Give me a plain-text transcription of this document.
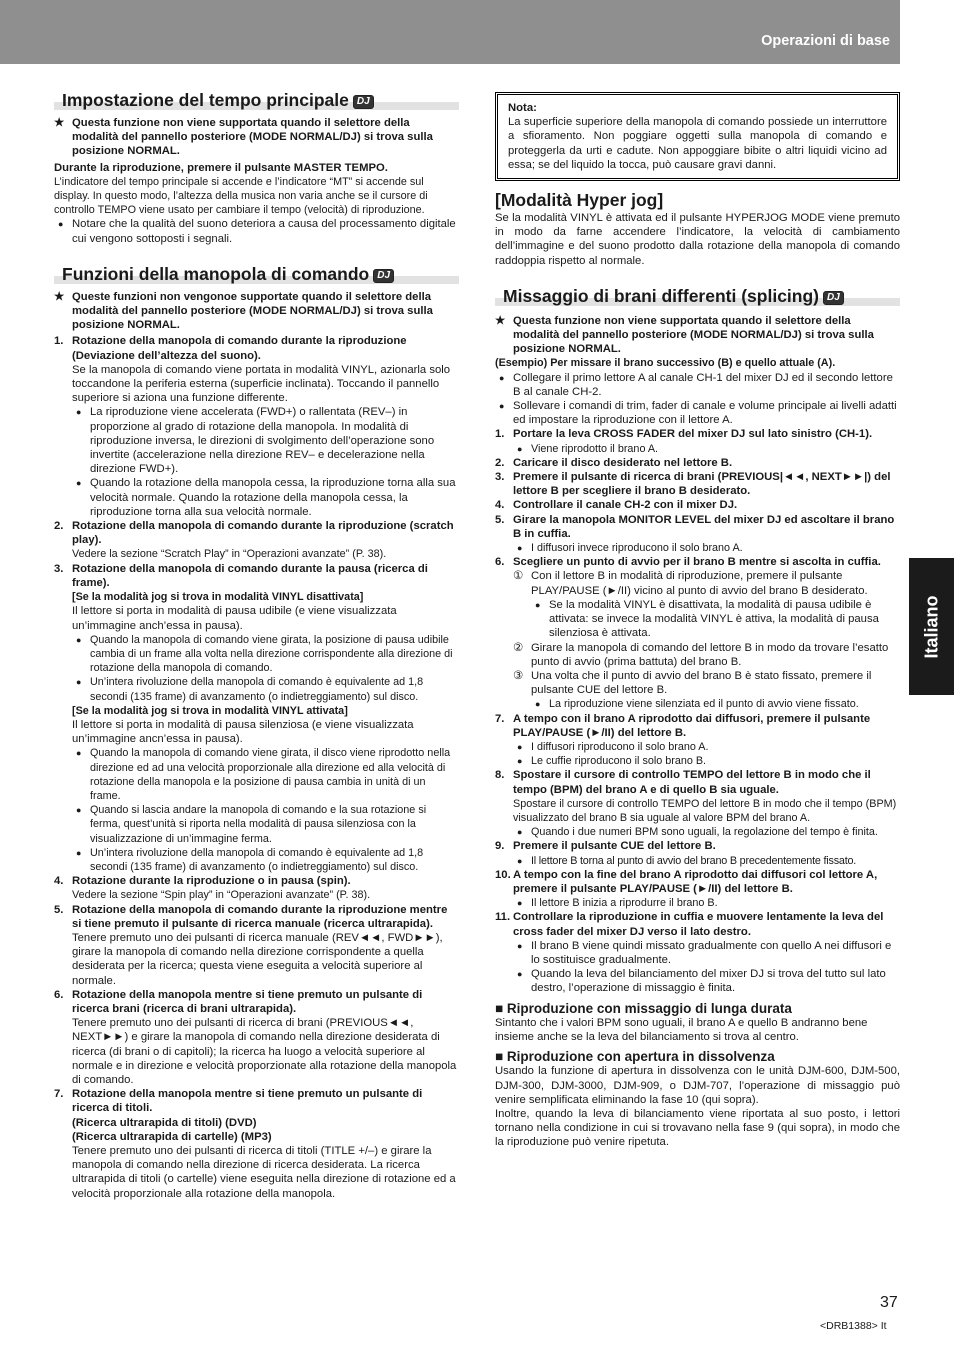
Operazioni di base
Italiano
Impostazione del tempo principale DJ

★ Questa funzione non viene supportata quando il selettore della modalità del pannello posteriore (MODE NORMAL/DJ) si trova sulla posizione NORMAL.

Durante la riproduzione, premere il pulsante MASTER TEMPO.

L’indicatore del tempo principale si accende e l’indicatore “MT” si accende sul display. In questo modo, l’altezza della musica non varia anche se il cursore di controllo TEMPO viene usato per cambiare il tempo (velocità) di riproduzione.

● Notare che la qualità del suono deteriora a causa del processamento digitale cui vengono sottoposti i segnali.

Funzioni della manopola di comando DJ

★ Queste funzioni non vengonoe supportate quando il selettore della modalità del pannello posteriore (MODE NORMAL/DJ) si trova sulla posizione NORMAL.

1. Rotazione della manopola di comando durante la riproduzione (Deviazione dell’altezza del suono).

Se la manopola di comando viene portata in modalità VINYL, azionarla solo toccandone la periferia esterna (superficie inclinata). Toccando il pannello superiore si aziona una funzione differente.

● La riproduzione viene accelerata (FWD+) o rallentata (REV–) in proporzione al grado di rotazione della manopola. In modalità di riproduzione inversa, le direzioni di svolgimento dell’operazione sono invertite (accelerazione nella direzione REV– e decelerazione nella direzione FWD+).

● Quando la rotazione della manopola cessa, la riproduzione torna alla sua velocità normale. Quando la rotazione della manopola cessa, la riproduzione torna alla sua velocità normale.

2. Rotazione della manopola di comando durante la riproduzione (scratch play).

Vedere la sezione “Scratch Play” in “Operazioni avanzate” (P. 38).

3. Rotazione della manopola di comando durante la pausa (ricerca di frame).

[Se la modalità jog si trova in modalità VINYL disattivata]

Il lettore si porta in modalità di pausa udibile (e viene visualizzata un’immagine anch’essa in pausa).

● Quando la manopola di comando viene girata, la posizione di pausa udibile cambia di un frame alla volta nella direzione corrispondente alla direzione di rotazione della manopola di comando.

● Un’intera rivoluzione della manopola di comando è equivalente ad 1,8 secondi (135 frame) di avanzamento (o indietreggiamento) sul disco.

[Se la modalità jog si trova in modalità VINYL attivata]

Il lettore si porta in modalità di pausa silenziosa (e viene visualizzata un’immagine ancn’essa in pausa).

● Quando la manopola di comando viene girata, il disco viene riprodotto nella direzione ed ad una velocità proporzionale alla direzione ed alla velocità di rotazione della manopola e la posizione di pausa cambia in unità di un frame.

● Quando si lascia andare la manopola di comando e la sua rotazione si ferma, quest’unità si riporta nella modalità di pausa silenziosa con la visualizzazione di un’immagine ferma.

● Un’intera rivoluzione della manopola di comando è equivalente ad 1,8 secondi (135 frame) di avanzamento (o indietreggiamento) sul disco.

4. Rotazione durante la riproduzione o in pausa (spin).

Vedere la sezione “Spin play” in “Operazioni avanzate” (P. 38).

5. Rotazione della manopola di comando durante la riproduzione mentre si tiene premuto il pulsante di ricerca manuale (ricerca ultrarapida).

Tenere premuto uno dei pulsanti di ricerca manuale (REV◄◄, FWD►►), girare la manopola di comando nella direzione corrispondente a quella desiderata per la ricerca; questa viene eseguita a velocità superiore al normale.

6. Rotazione della manopola mentre si tiene premuto un pulsante di ricerca brani (ricerca di brani ultrarapida).

Tenere premuto uno dei pulsanti di ricerca di brani (PREVIOUS◄◄, NEXT►►) e girare la manopola di comando nella direzione desiderata di ricerca (di brani o di capitoli); la ricerca ha luogo a velocità superiore al normale e in direzione e velocità proporzionate alla rotazione della manopola di comando.

7. Rotazione della manopola mentre si tiene premuto un pulsante di ricerca di titoli.

(Ricerca ultrarapida di titoli) (DVD)

(Ricerca ultrarapida di cartelle) (MP3)

Tenere premuto uno dei pulsanti di ricerca di titoli (TITLE +/–) e girare la manopola di comando nella direzione di ricerca desiderata. La ricerca ultrarapida di titoli (o cartelle) viene eseguita nella direzione di rotazione ed a velocità proporzionale alla rotazione della manopola.

Nota:

La superficie superiore della manopola di comando possiede un interruttore a sfioramento. Non poggiare oggetti sulla manopola di comando e proteggerla da urti e cadute. Non appoggiare bibite o altri liquidi vicino ad essa; se del liquido la tocca, può causare gravi danni.

[Modalità Hyper jog]

Se la modalità VINYL è attivata ed il pulsante HYPERJOG MODE viene premuto in modo da farne accendere l’indicatore, la velocità di cambiamento dell’immagine e del suono prodotto dalla rotazione della manopola di comando raddoppia rispetto al normale.

Missaggio di brani differenti (splicing) DJ

★ Questa funzione non viene supportata quando il selettore della modalità del pannello posteriore (MODE NORMAL/DJ) si trova sulla posizione NORMAL.

(Esempio) Per missare il brano successivo (B) e quello attuale (A).

● Collegare il primo lettore A al canale CH-1 del mixer DJ ed il secondo lettore B al canale CH-2.

● Sollevare i comandi di trim, fader di canale e volume principale ai livelli adatti ed impostare la riproduzione con il lettore A.

1. Portare la leva CROSS FADER del mixer DJ sul lato sinistro (CH-1).

● Viene riprodotto il brano A.

2. Caricare il disco desiderato nel lettore B.

3. Premere il pulsante di ricerca di brani (PREVIOUS|◄◄, NEXT►►|) del lettore B per scegliere il brano B desiderato.

4. Controllare il canale CH-2 con il mixer DJ.

5. Girare la manopola MONITOR LEVEL del mixer DJ ed ascoltare il brano B in cuffia.

● I diffusori invece riproducono il solo brano A.

6. Scegliere un punto di avvio per il brano B mentre si ascolta in cuffia.

① Con il lettore B in modalità di riproduzione, premere il pulsante PLAY/PAUSE (►/II) vicino al punto di avvio del brano B desiderato.

● Se la modalità VINYL è disattivata, la modalità di pausa udibile è attivata: se invece la modalità VINYL è attiva, la modalità di pausa silenziosa è attivata.

② Girare la manopola di comando del lettore B in modo da trovare l’esatto punto di avvio (prima battuta) del brano B.

③ Una volta che il punto di avvio del brano B è stato fissato, premere il pulsante CUE del lettore B.

● La riproduzione viene silenziata ed il punto di avvio viene fissato.

7. A tempo con il brano A riprodotto dai diffusori, premere il pulsante PLAY/PAUSE (►/II) del lettore B.

● I diffusori riproducono il solo brano A.

● Le cuffie riproducono il solo brano B.

8. Spostare il cursore di controllo TEMPO del lettore B in modo che il tempo (BPM) del brano A e di quello B sia uguale.

Spostare il cursore di controllo TEMPO del lettore B in modo che il tempo (BPM) visualizzato del brano B sia uguale al valore BPM del brano A.

● Quando i due numeri BPM sono uguali, la regolazione del tempo è finita.

9. Premere il pulsante CUE del lettore B.

● Il lettore B torna al punto di avvio del brano B precedentemente fissato.

10. A tempo con la fine del brano A riprodotto dai diffusori col lettore A, premere il pulsante PLAY/PAUSE (►/II) del lettore B.

● Il lettore B inizia a riprodurre il brano B.

11. Controllare la riproduzione in cuffia e muovere lentamente la leva del cross fader del mixer DJ verso il lato destro.

● Il brano B viene quindi missato gradualmente con quello A nei diffusori e lo sostituisce gradualmente.

● Quando la leva del bilanciamento del mixer DJ si trova del tutto sul lato destro, l’operazione di missaggio è finita.

■ Riproduzione con missaggio di lunga durata

Sintanto che i valori BPM sono uguali, il brano A e quello B andranno bene insieme anche se la leva del bilanciamento si trova al centro.

■ Riproduzione con apertura in dissolvenza

Usando la funzione di apertura in dissolvenza con le unità DJM-600, DJM-500, DJM-300, DJM-3000, DJM-909, o DJM-707, l’operazione di missaggio può venire semplificata eliminando la fase 10 (qui sopra).

Inoltre, quando la leva di bilanciamento viene riportata al suo posto, i lettori tornano nella condizione in cui si trovavano nella fase 9 (qui sopra), in modo che la riproduzione può venire ripetuta.

37
<DRB1388> It
